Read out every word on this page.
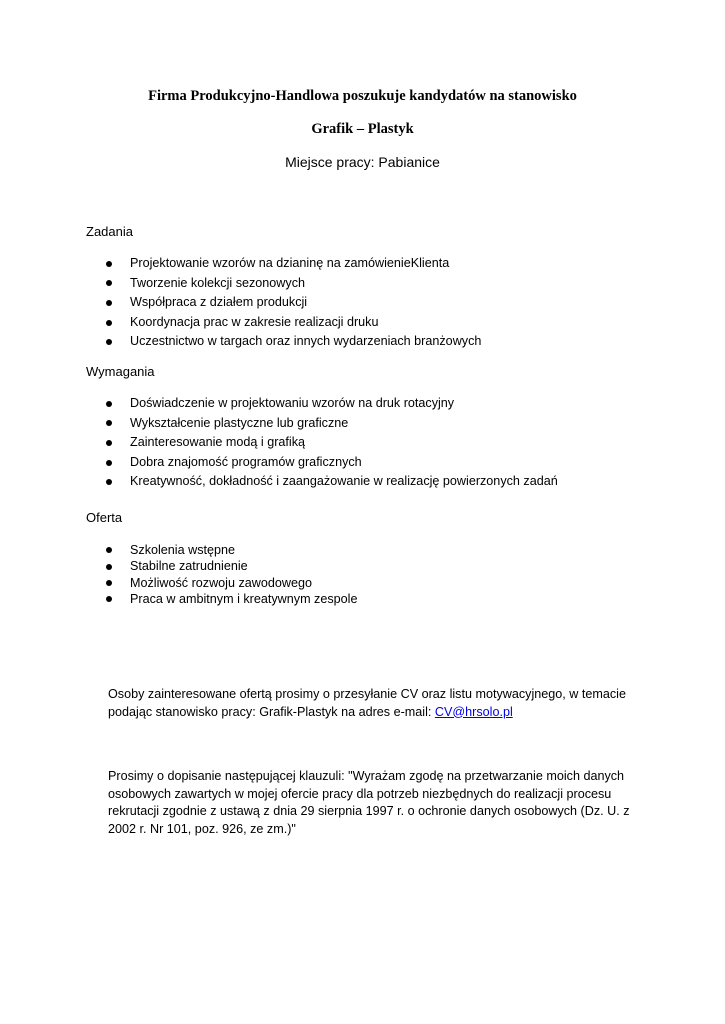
Firma Produkcyjno-Handlowa poszukuje kandydatów na stanowisko
Grafik – Plastyk
Miejsce pracy: Pabianice
Zadania
Projektowanie wzorów na dzianinę na zamówienieKlienta
Tworzenie kolekcji sezonowych
Współpraca z działem produkcji
Koordynacja prac w zakresie realizacji druku
Uczestnictwo w targach oraz innych wydarzeniach branżowych
Wymagania
Doświadczenie w projektowaniu wzorów na druk rotacyjny
Wykształcenie plastyczne lub graficzne
Zainteresowanie modą i grafiką
Dobra znajomość programów graficznych
Kreatywność, dokładność i zaangażowanie w realizację powierzonych zadań
Oferta
Szkolenia wstępne
Stabilne zatrudnienie
Możliwość rozwoju zawodowego
Praca w ambitnym i kreatywnym zespole
Osoby zainteresowane ofertą prosimy o przesyłanie CV oraz listu motywacyjnego, w temacie
podając stanowisko pracy: Grafik-Plastyk na adres e-mail: CV@hrsolo.pl
Prosimy o dopisanie następującej klauzuli: "Wyrażam zgodę na przetwarzanie moich danych
osobowych zawartych w mojej ofercie pracy dla potrzeb niezbędnych do realizacji procesu
rekrutacji zgodnie z ustawą z dnia 29 sierpnia 1997 r. o ochronie danych osobowych (Dz. U. z
2002 r. Nr 101, poz. 926, ze zm.)"
